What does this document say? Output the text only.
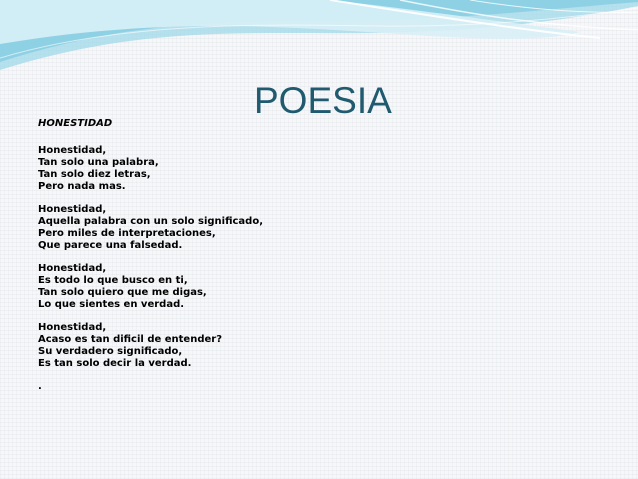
POESIA

HONESTIDAD

Honestidad,
Tan solo una palabra,
Tan solo diez letras,
Pero nada mas.
Honestidad,
Aquella palabra con un solo significado,
Pero miles de interpretaciones,
Que parece una falsedad.
Honestidad,
Es todo lo que busco en ti,
Tan solo quiero que me digas,
Lo que sientes en verdad.
Honestidad,
Acaso es tan dificil de entender?
Su verdadero significado,
Es tan solo decir la verdad.
.
